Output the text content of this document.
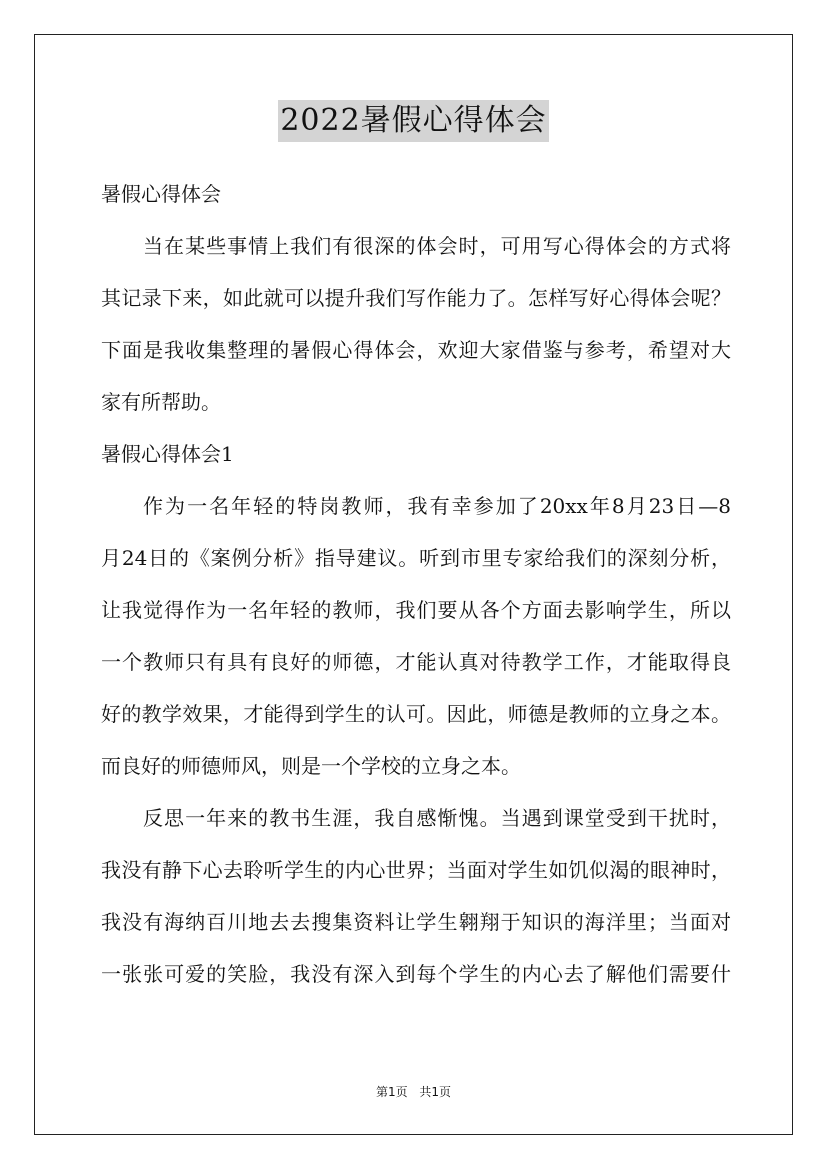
2022暑假心得体会
暑假心得体会
当在某些事情上我们有很深的体会时，可用写心得体会的方式将
其记录下来，如此就可以提升我们写作能力了。怎样写好心得体会呢？
下面是我收集整理的暑假心得体会，欢迎大家借鉴与参考，希望对大
家有所帮助。
暑假心得体会1
作为一名年轻的特岗教师，我有幸参加了20xx年8月23日—8
月24日的《案例分析》指导建议。听到市里专家给我们的深刻分析，
让我觉得作为一名年轻的教师，我们要从各个方面去影响学生，所以
一个教师只有具有良好的师德，才能认真对待教学工作，才能取得良
好的教学效果，才能得到学生的认可。因此，师德是教师的立身之本。
而良好的师德师风，则是一个学校的立身之本。
反思一年来的教书生涯，我自感惭愧。当遇到课堂受到干扰时，
我没有静下心去聆听学生的内心世界；当面对学生如饥似渴的眼神时，
我没有海纳百川地去去搜集资料让学生翱翔于知识的海洋里；当面对
一张张可爱的笑脸，我没有深入到每个学生的内心去了解他们需要什
第1页 共1页
